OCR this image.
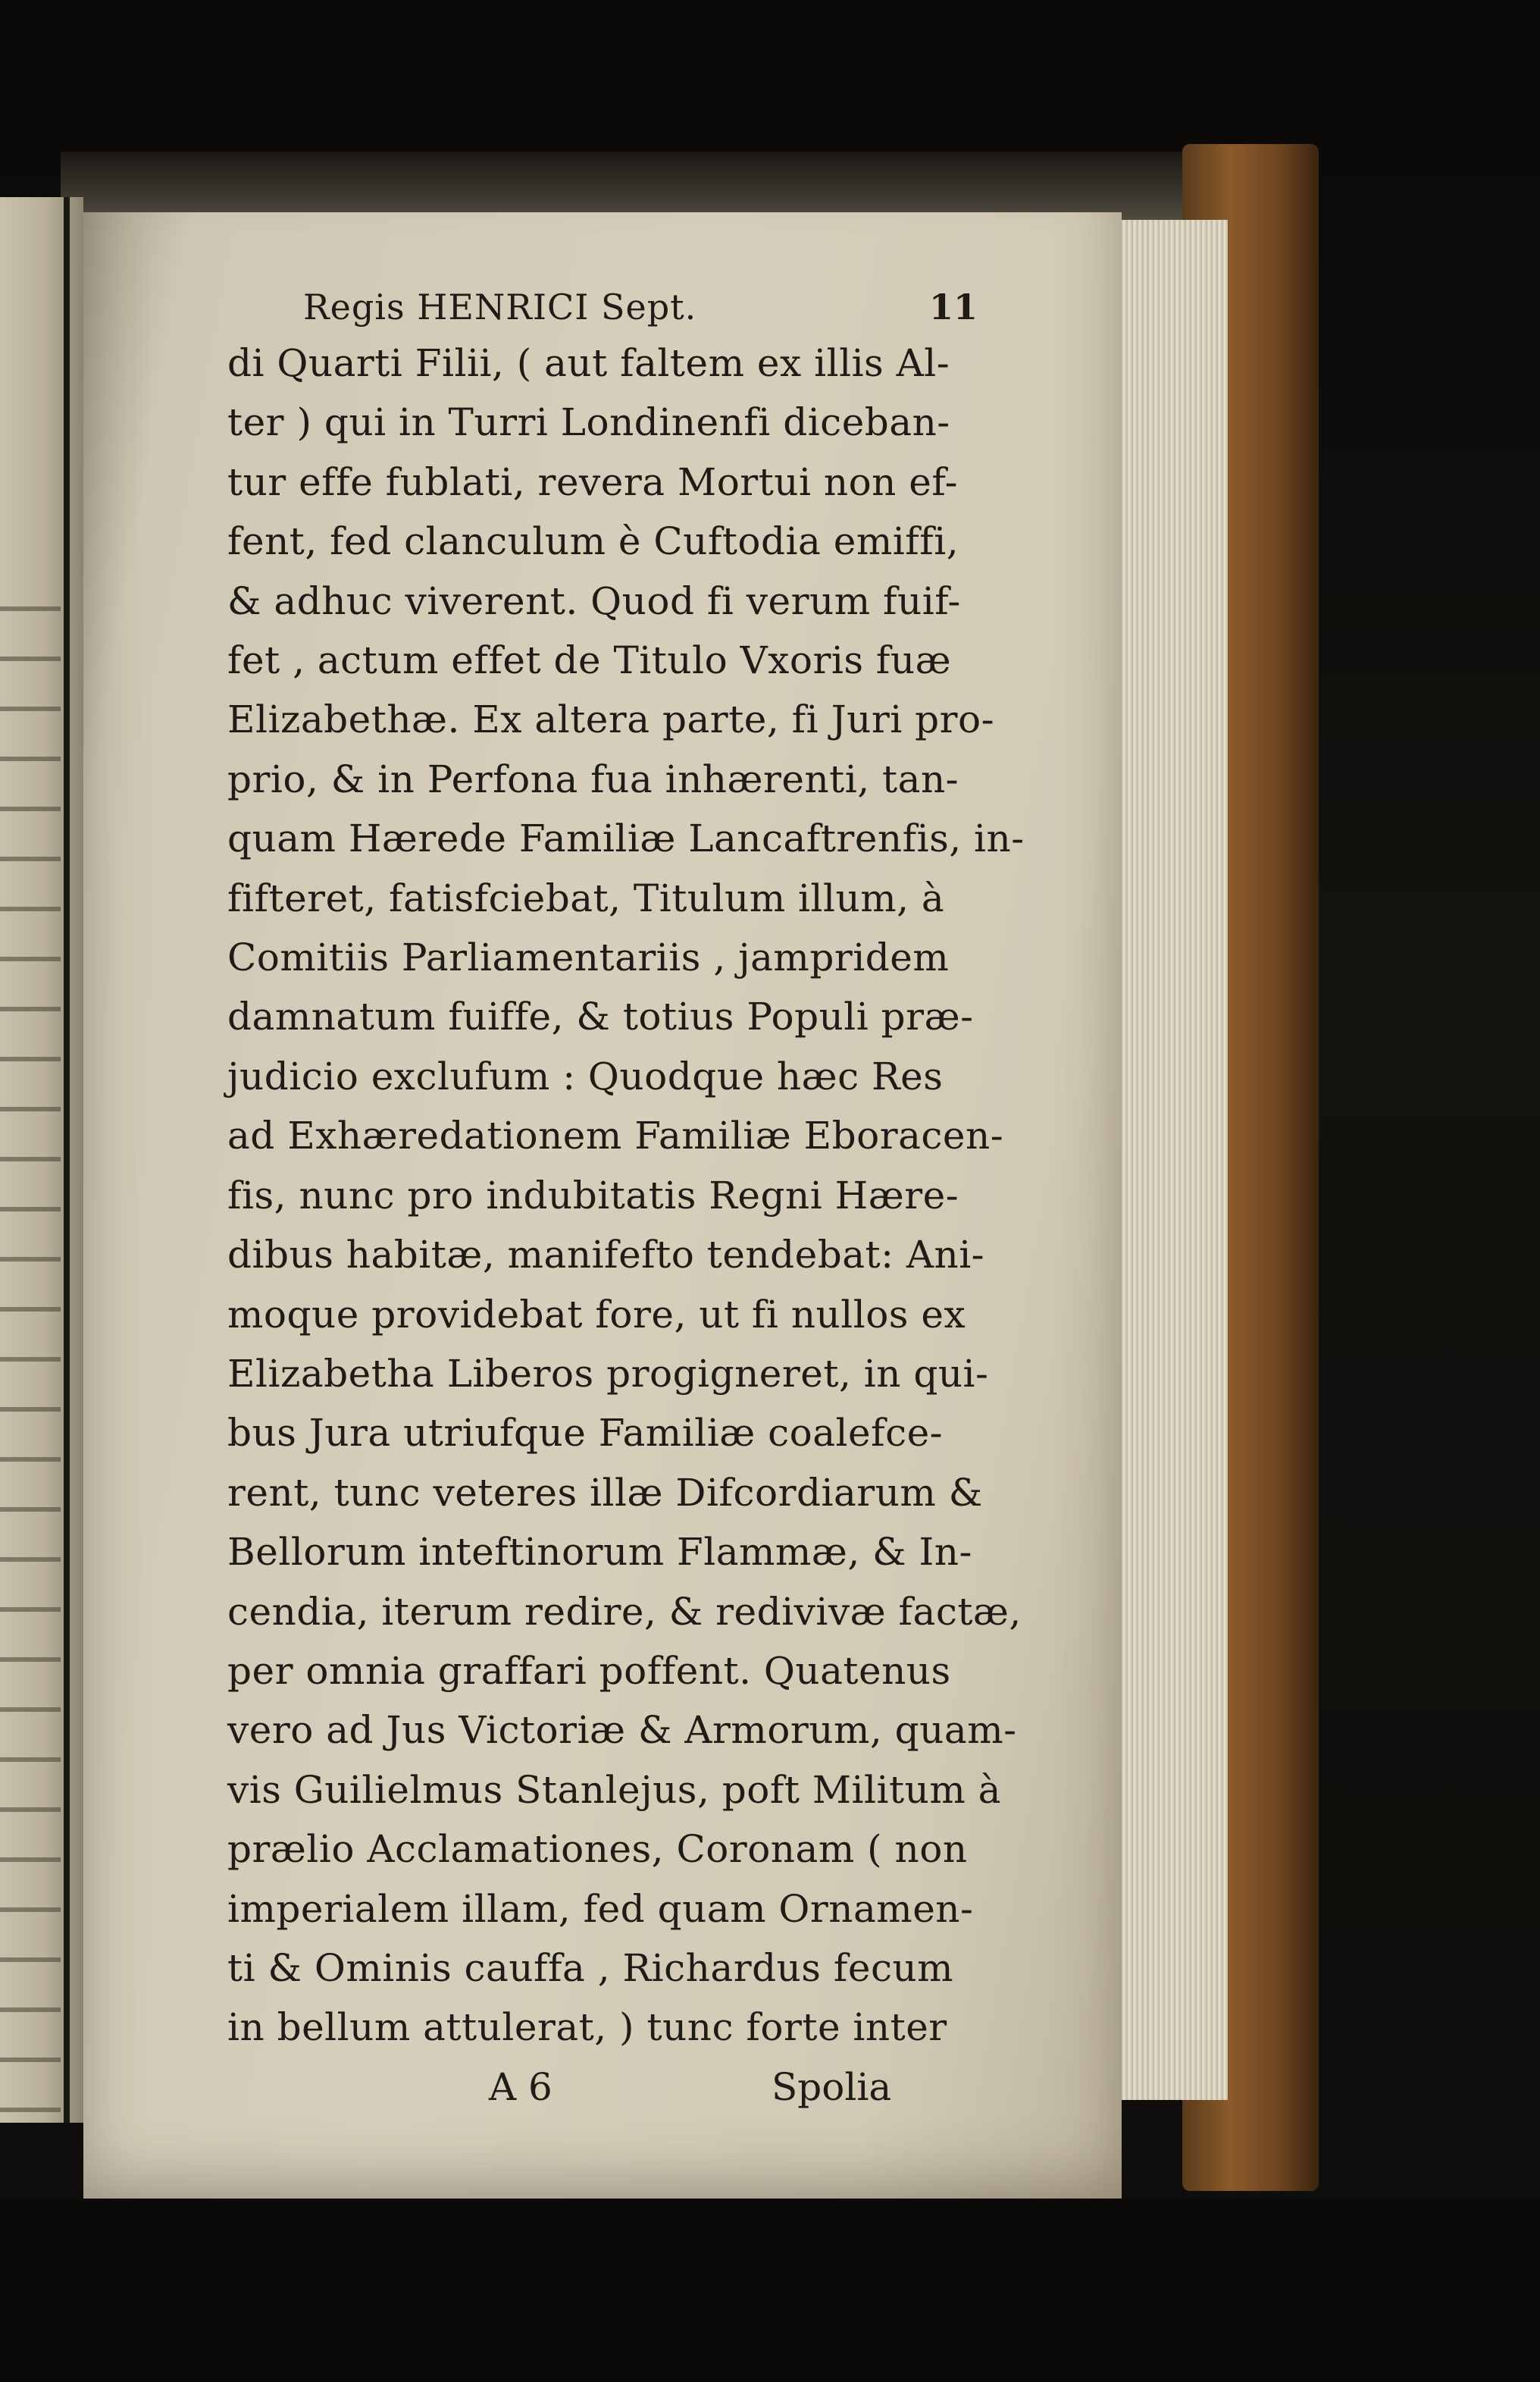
Regis HENRICI Sept.	11
di Quarti Filii, ( aut faltem ex illis Al-
ter ) qui in Turri Londinenfi diceban-
tur effe fublati, revera Mortui non ef-
fent, fed clanculum è Cuftodia emiffi,
& adhuc viverent. Quod fi verum fuif-
fet , actum effet de Titulo Vxoris fuæ
Elizabethæ. Ex altera parte, fi Juri pro-
prio, & in Perfona fua inhærenti, tan-
quam Hærede Familiæ Lancaftrenfis, in-
fifteret, fatisfciebat, Titulum illum, à
Comitiis Parliamentariis , jampridem
damnatum fuiffe, & totius Populi præ-
judicio exclufum : Quodque hæc Res
ad Exhæredationem Familiæ Eboracen-
fis, nunc pro indubitatis Regni Hære-
dibus habitæ, manifefto tendebat: Ani-
moque providebat fore, ut fi nullos ex
Elizabetha Liberos progigneret, in qui-
bus Jura utriufque Familiæ coalefce-
rent, tunc veteres illæ Difcordiarum &
Bellorum inteftinorum Flammæ, & In-
cendia, iterum redire, & redivivæ factæ,
per omnia graffari poffent. Quatenus
vero ad Jus Victoriæ & Armorum, quam-
vis Guilielmus Stanlejus, poft Militum à
prælio Acclamationes, Coronam ( non
imperialem illam, fed quam Ornamen-
ti & Ominis cauffa , Richardus fecum
in bellum attulerat, ) tunc forte inter
A 6	Spolia
